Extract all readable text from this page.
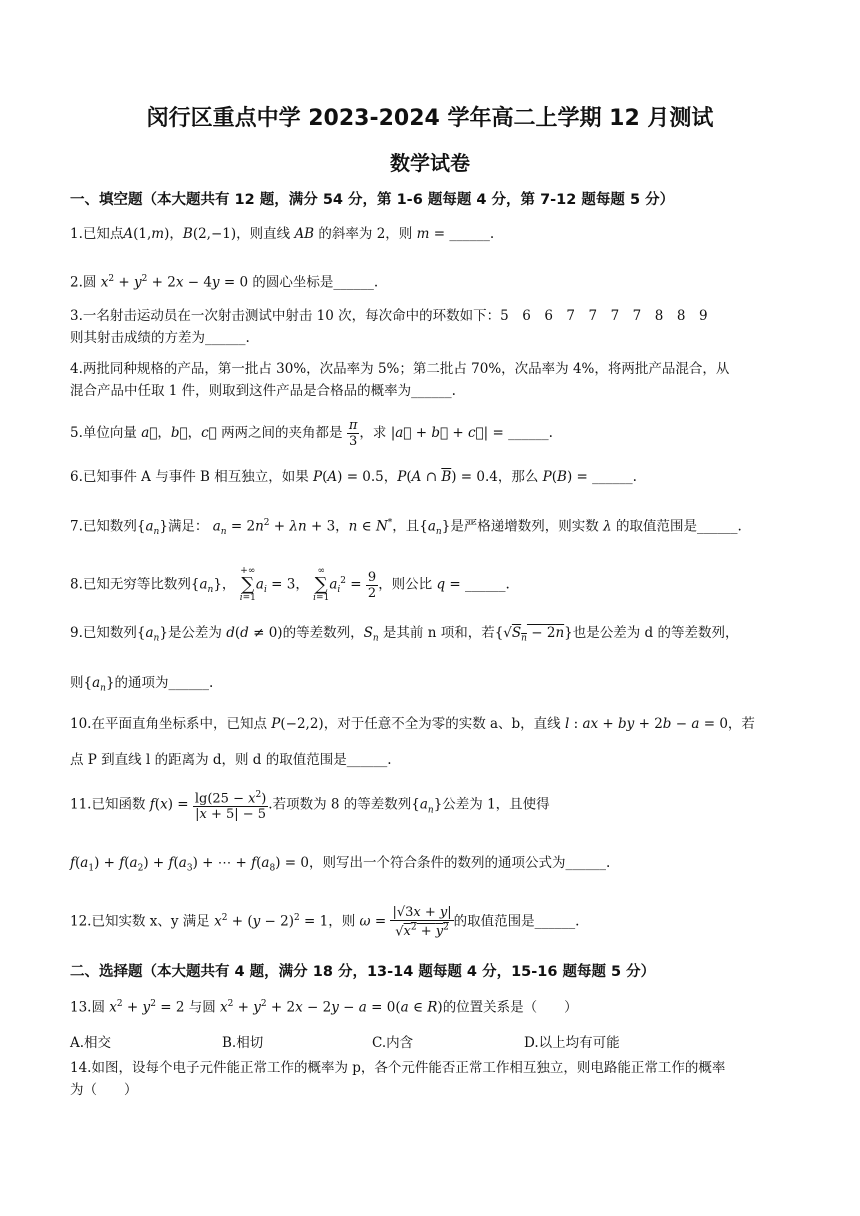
闵行区重点中学 2023-2024 学年高二上学期 12 月测试
数学试卷
一、填空题（本大题共有 12 题，满分 54 分，第 1-6 题每题 4 分，第 7-12 题每题 5 分）
1.已知点A(1,m)，B(2,−1)，则直线 AB 的斜率为 2，则 m = ______.
2.圆 $x^2 + y^2 + 2x - 4y = 0$ 的圆心坐标是______.
3.一名射击运动员在一次射击测试中射击 10 次，每次命中的环数如下：5　6　6　7　7　7　7　8　8　9
则其射击成绩的方差为______.
4.两批同种规格的产品，第一批占 30%，次品率为 5%；第二批占 70%，次品率为 4%，将两批产品混合，从
混合产品中任取 1 件，则取到这件产品是合格品的概率为______.
5.单位向量 a⃗，b⃗，c⃗ 两两之间的夹角都是 $\frac{\pi}{3}$ ，求 |a⃗ + b⃗ + c⃗| = ______.
6.已知事件 A 与事件 B 相互独立，如果 P(A) = 0.5，P(A ∩ $\overline{B}) = 0.4$，那么 P(B) = ______.
7.已知数列$\{a_n\}$满足： $a_n = 2n^2 + \lambda n + 3$，n ∈ N*，且$\{a_n\}$是严格递增数列，则实数 λ 的取值范围是______.
8.已知无穷等比数列$\{a_n\}$，
+∞
∑
i=1
$a_i = 3$，
∞
∑
i=1
$a_i^2 = \frac{9}{2}$ ，则公比 q = ______.
9.已知数列$\{a_n\}$是公差为 d(d ≠ 0)的等差数列，$S_n$ 是其前 n 项和，若$\{√S_n - 2n\}$也是公差为 d 的等差数列，
则$\{a_n\}$的通项为______.
10.在平面直角坐标系中，已知点 P(−2,2)，对于任意不全为零的实数 a、b，直线 l : ax + by + 2b − a = 0，若
点 P 到直线 l 的距离为 d，则 d 的取值范围是______.
11.已知函数 $f(x) = \frac{\lg(25 - x^2)}{|x + 5| - 5}$ .若项数为 8 的等差数列$\{a_n\}$公差为 1，且使得
$f(a_1) + f(a_2) + f(a_3)$ + ⋯ + $f(a_8) = 0$，则写出一个符合条件的数列的通项公式为______.
12.已知实数 x、y 满足 $x^2 + (y - 2)^2 = 1$，则 $\omega = \frac{|√3x + y|}{√x^2 + y^2}$ 的取值范围是______.
二、选择题（本大题共有 4 题，满分 18 分，13-14 题每题 4 分，15-16 题每题 5 分）
13.圆 $x^2 + y^2 = 2$ 与圆 $x^2 + y^2 + 2x - 2y - a = 0(a$ ∈ R)的位置关系是（　　）
A.相交	B.相切	C.内含	D.以上均有可能
14.如图，设每个电子元件能正常工作的概率为 p，各个元件能否正常工作相互独立，则电路能正常工作的概率
为（　　）
